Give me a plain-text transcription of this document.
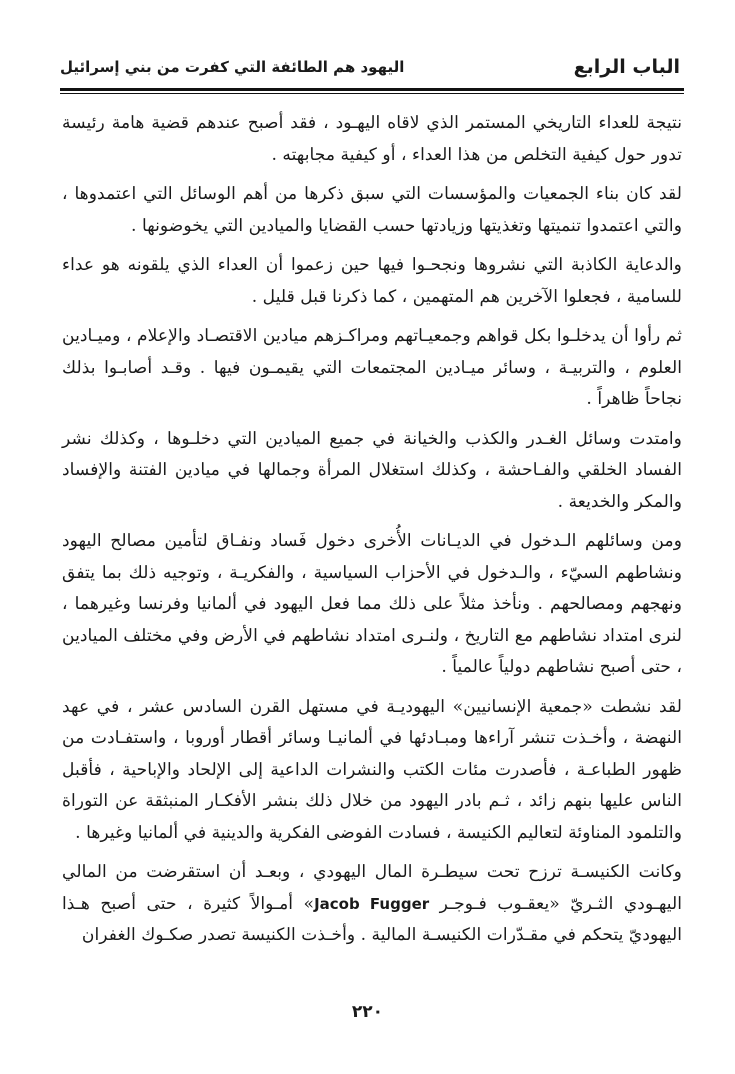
الباب الرابع
اليهود هم الطائفة التي كفرت من بني إسرائيل

نتيجة للعداء التاريخي المستمر الذي لاقاه اليهـود ، فقد أصبح عندهم قضية هامة رئيسة تدور حول كيفية التخلص من هذا العداء ، أو كيفية مجابهته .

لقد كان بناء الجمعيات والمؤسسات التي سبق ذكرها من أهم الوسائل التي اعتمدوها ، والتي اعتمدوا تنميتها وتغذيتها وزيادتها حسب القضايا والميادين التي يخوضونها .

والدعاية الكاذبة التي نشروها ونجحـوا فيها حين زعموا أن العداء الذي يلقونه هو عداء للسامية ، فجعلوا الآخرين هم المتهمين ، كما ذكرنا قبل قليل .

ثم رأوا أن يدخلـوا بكل قواهم وجمعيـاتهم ومراكـزهم ميادين الاقتصـاد والإعلام ، وميـادين العلوم ، والتربيـة ، وسائر ميـادين المجتمعات التي يقيمـون فيها . وقـد أصابـوا بذلك نجاحاً ظاهراً .

وامتدت وسائل الغـدر والكذب والخيانة في جميع الميادين التي دخلـوها ، وكذلك نشر الفساد الخلقي والفـاحشة ، وكذلك استغلال المرأة وجمالها في ميادين الفتنة والإفساد والمكر والخديعة .

ومن وسائلهم الـدخول في الديـانات الأُخرى دخول فَساد ونفـاق لتأمين مصالح اليهود ونشاطهم السيّء ، والـدخول في الأحزاب السياسية ، والفكريـة ، وتوجيه ذلك بما يتفق ونهجهم ومصالحهم . ونأخذ مثلاً على ذلك مما فعل اليهود في ألمانيا وفرنسا وغيرهما ، لنرى امتداد نشاطهم مع التاريخ ، ولنـرى امتداد نشاطهم في الأرض وفي مختلف الميادين ، حتى أصبح نشاطهم دولياً عالمياً .

لقد نشطت «جمعية الإنسانيين» اليهوديـة في مستهل القرن السادس عشر ، في عهد النهضة ، وأخـذت تنشر آراءها ومبـادئها في ألمانيـا وسائر أقطار أوروبا ، واستفـادت من ظهور الطباعـة ، فأصدرت مئات الكتب والنشرات الداعية إلى الإلحاد والإباحية ، فأقبل الناس عليها بنهم زائد ، ثـم بادر اليهود من خلال ذلك بنشر الأفكـار المنبثقة عن التوراة والتلمود المناوئة لتعاليم الكنيسة ، فسادت الفوضى الفكرية والدينية في ألمانيا وغيرها .

وكانت الكنيسـة ترزح تحت سيطـرة المال اليهودي ، وبعـد أن استقرضت من المالي اليهـودي الثـريّ «يعقـوب فـوجـر Jacob Fugger» أمـوالاً كثيرة ، حتى أصبح هـذا اليهوديّ يتحكم في مقـدّرات الكنيسـة المالية . وأخـذت الكنيسة تصدر صكـوك الغفران

٢٢٠
